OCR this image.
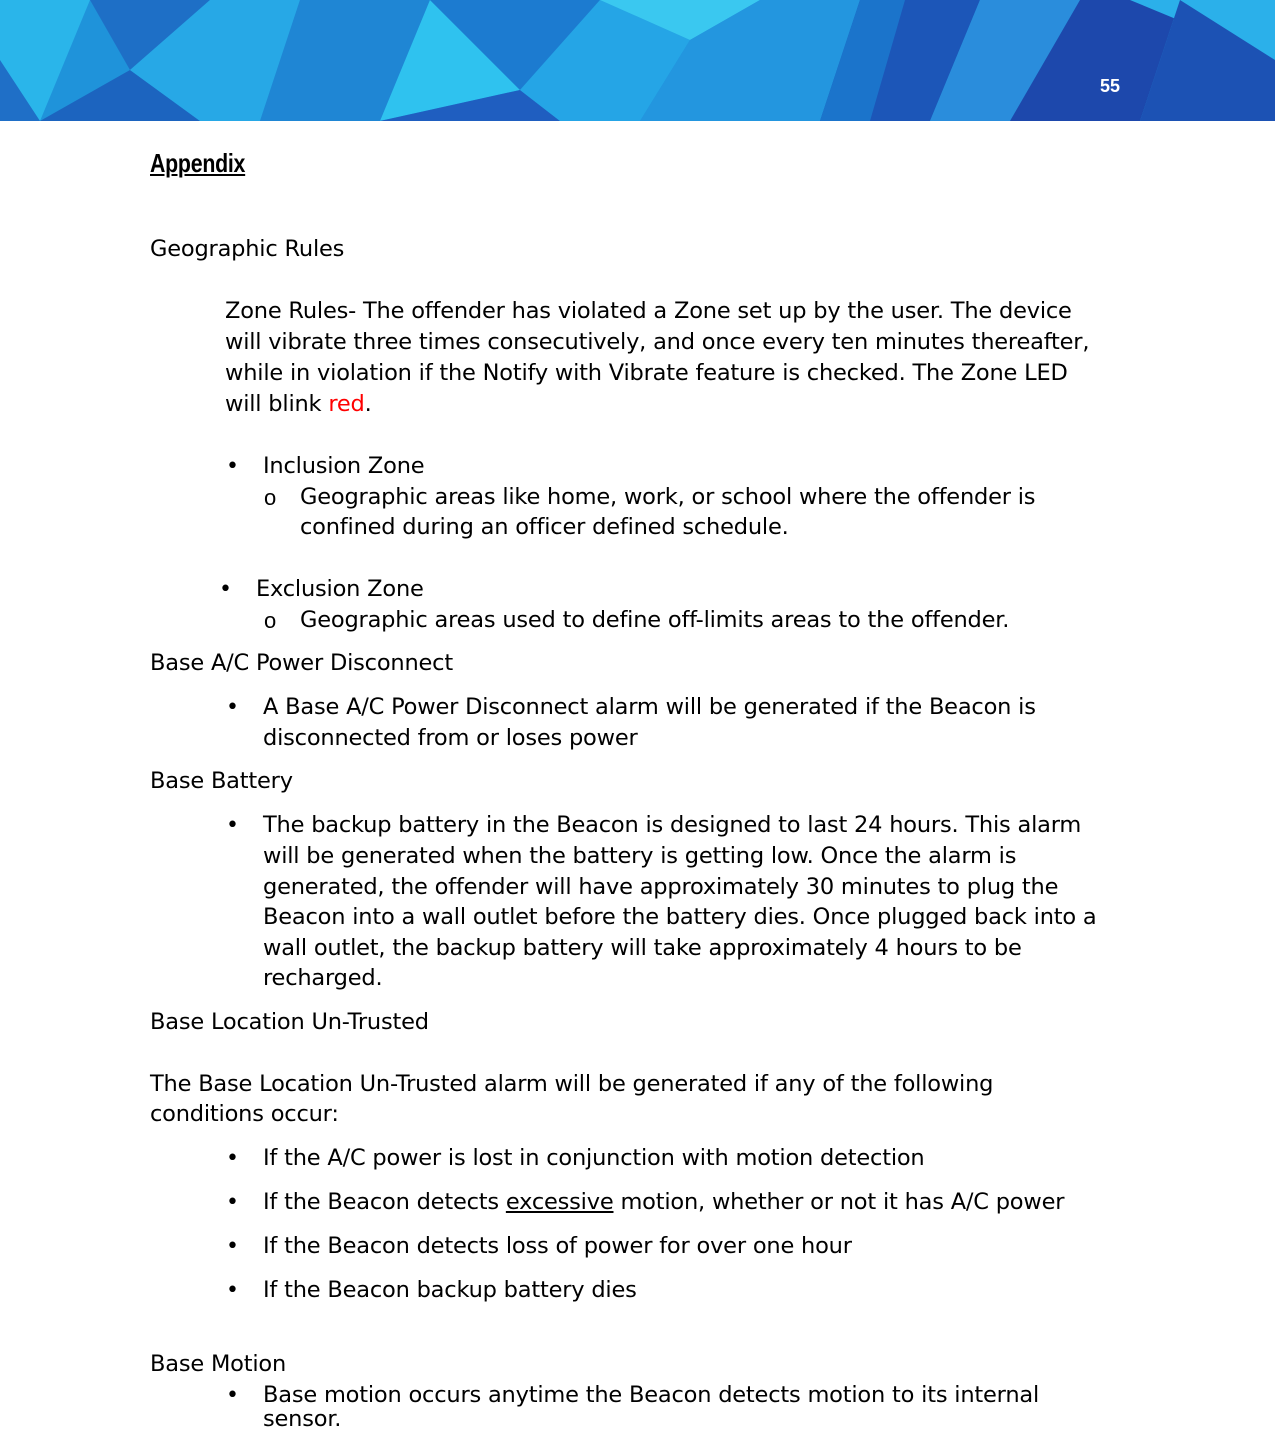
55
Appendix
Geographic Rules
Zone Rules- The offender has violated a Zone set up by the user. The device
will vibrate three times consecutively, and once every ten minutes thereafter,
while in violation if the Notify with Vibrate feature is checked. The Zone LED
will blink red.
• Inclusion Zone
o Geographic areas like home, work, or school where the offender is
confined during an officer defined schedule.
• Exclusion Zone
o Geographic areas used to define off-limits areas to the offender.
Base A/C Power Disconnect
• A Base A/C Power Disconnect alarm will be generated if the Beacon is
disconnected from or loses power
Base Battery
• The backup battery in the Beacon is designed to last 24 hours. This alarm
will be generated when the battery is getting low. Once the alarm is
generated, the offender will have approximately 30 minutes to plug the
Beacon into a wall outlet before the battery dies. Once plugged back into a
wall outlet, the backup battery will take approximately 4 hours to be
recharged.
Base Location Un-Trusted
The Base Location Un-Trusted alarm will be generated if any of the following
conditions occur:
• If the A/C power is lost in conjunction with motion detection
• If the Beacon detects excessive motion, whether or not it has A/C power
• If the Beacon detects loss of power for over one hour
• If the Beacon backup battery dies
Base Motion
• Base motion occurs anytime the Beacon detects motion to its internal
sensor.
